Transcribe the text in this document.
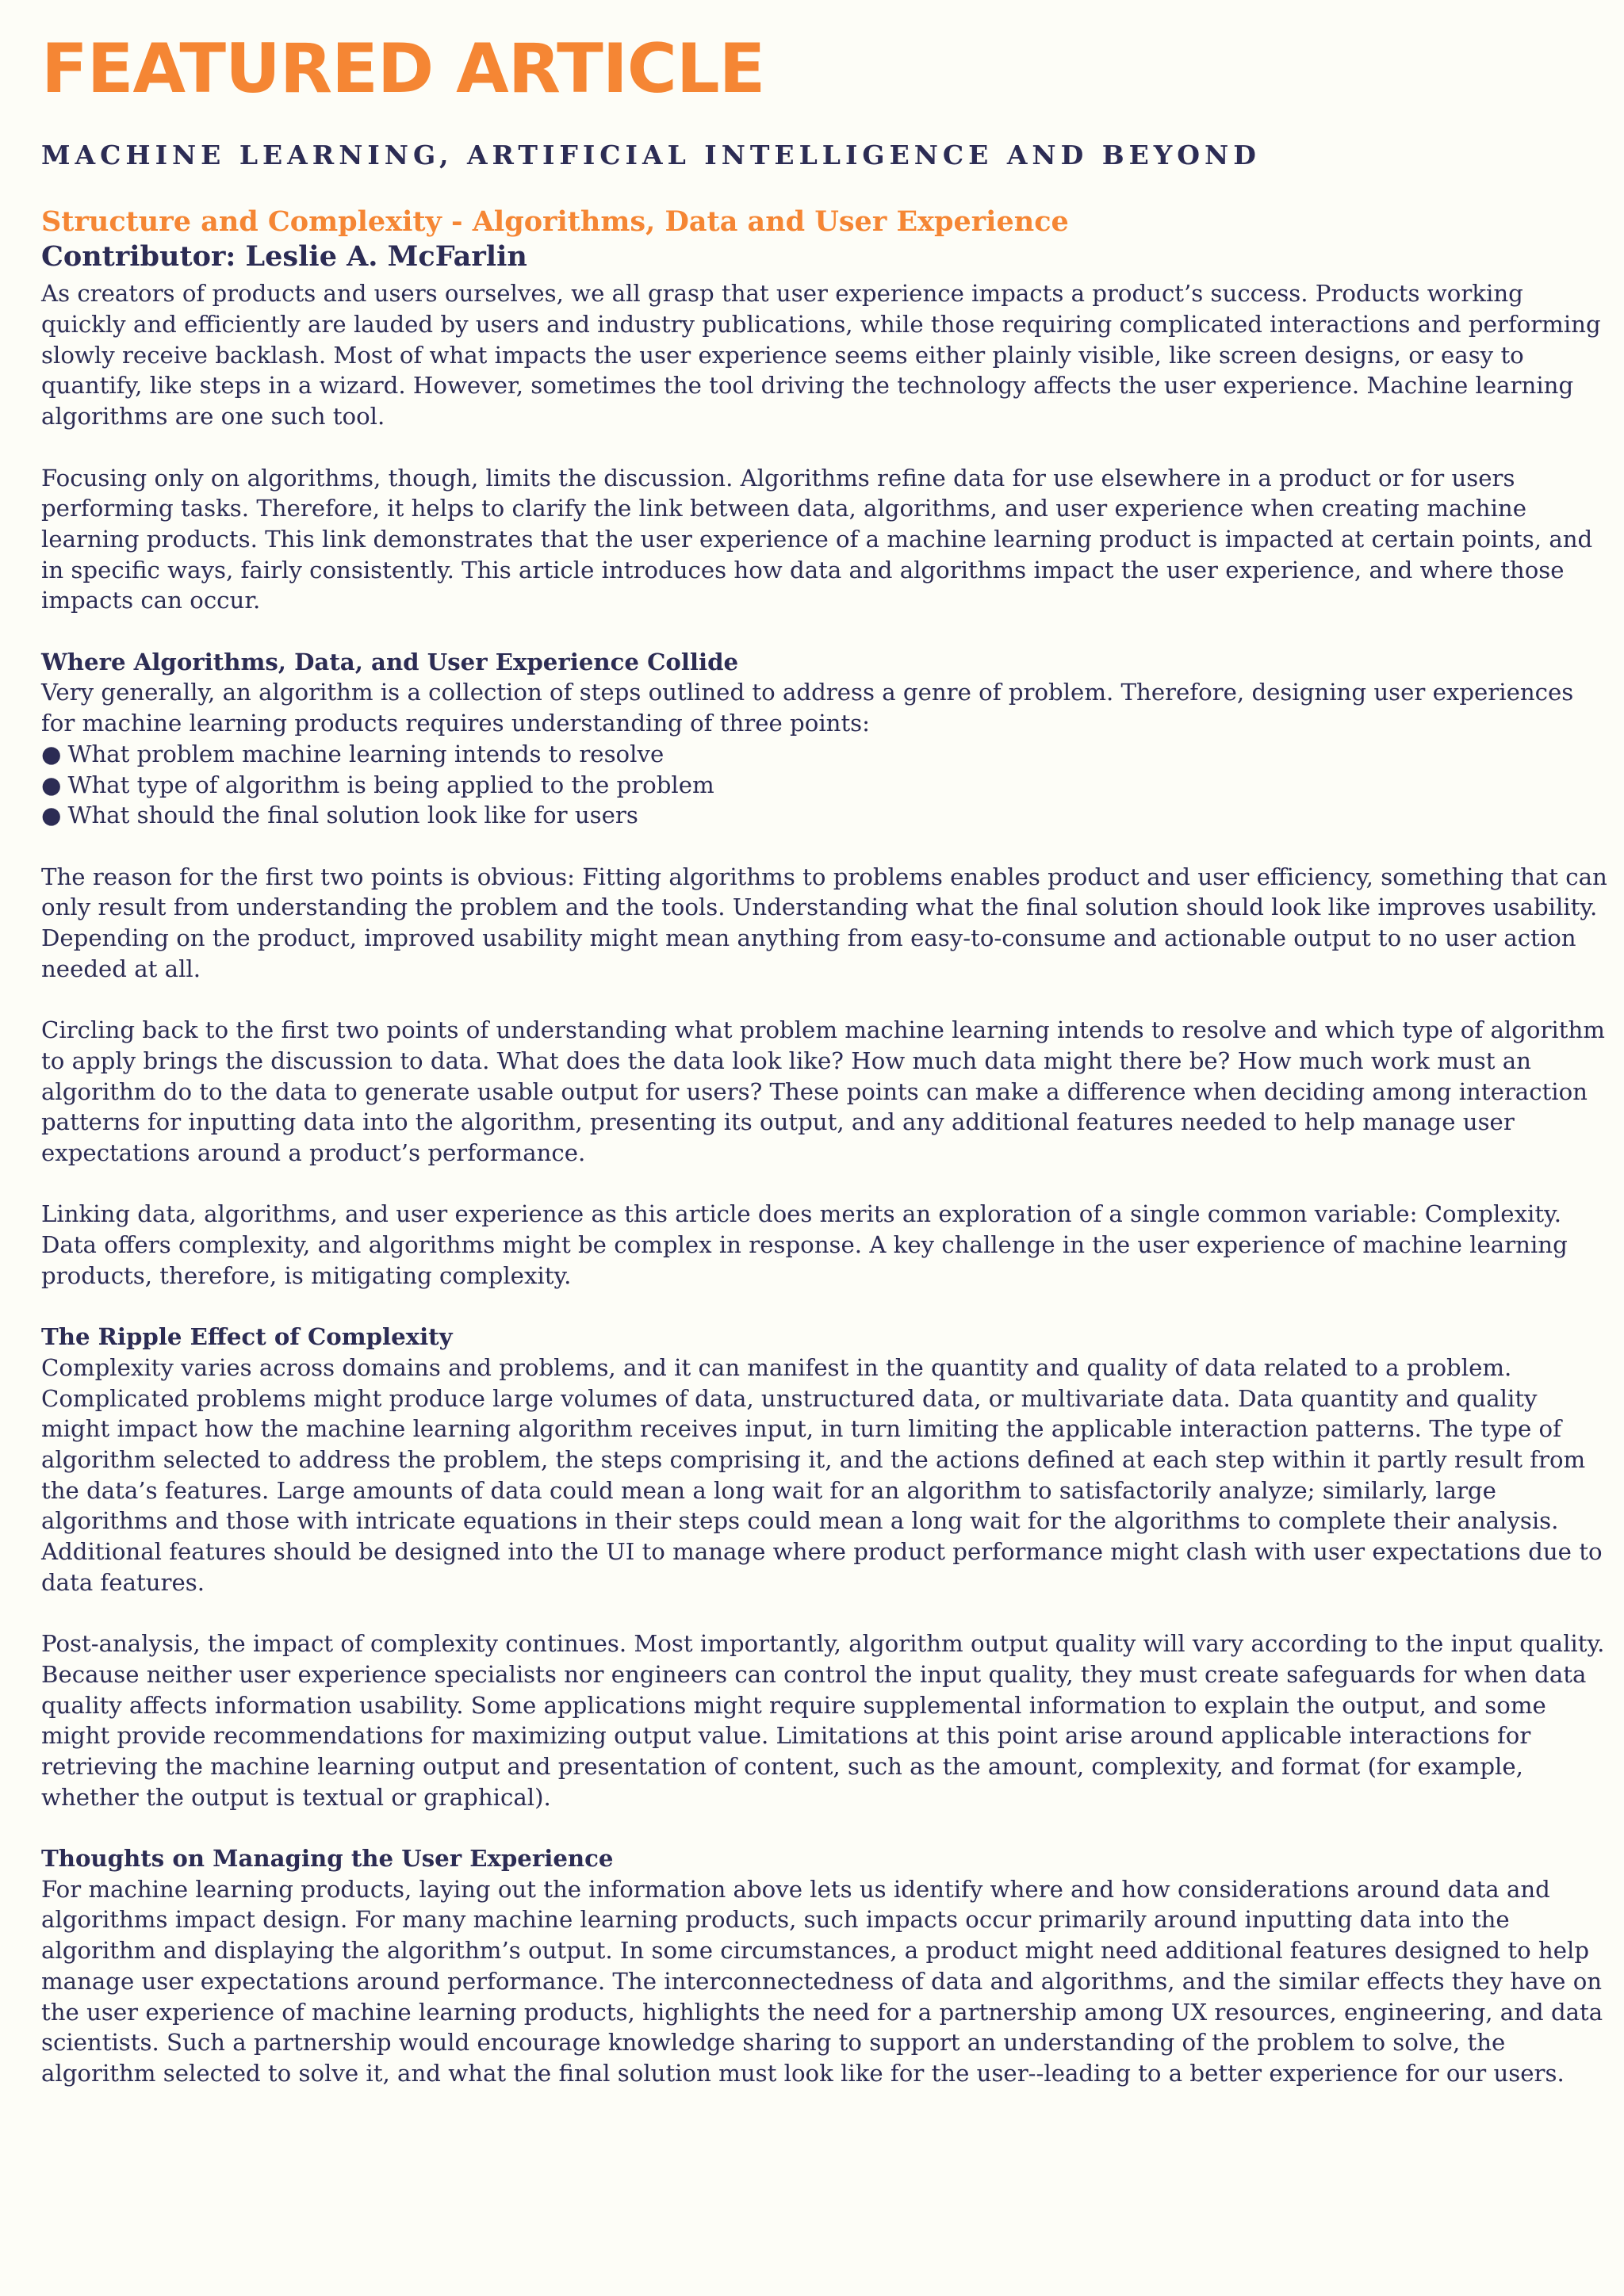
FEATURED ARTICLE
MACHINE LEARNING, ARTIFICIAL INTELLIGENCE AND BEYOND
Structure and Complexity - Algorithms, Data and User Experience
Contributor: Leslie A. McFarlin

As creators of products and users ourselves, we all grasp that user experience impacts a product’s success. Products working quickly and efficiently are lauded by users and industry publications, while those requiring complicated interactions and performing slowly receive backlash. Most of what impacts the user experience seems either plainly visible, like screen designs, or easy to quantify, like steps in a wizard. However, sometimes the tool driving the technology affects the user experience. Machine learning algorithms are one such tool.

Focusing only on algorithms, though, limits the discussion. Algorithms refine data for use elsewhere in a product or for users performing tasks. Therefore, it helps to clarify the link between data, algorithms, and user experience when creating machine learning products. This link demonstrates that the user experience of a machine learning product is impacted at certain points, and in specific ways, fairly consistently. This article introduces how data and algorithms impact the user experience, and where those impacts can occur.

Where Algorithms, Data, and User Experience Collide
Very generally, an algorithm is a collection of steps outlined to address a genre of problem. Therefore, designing user experiences for machine learning products requires understanding of three points:
● What problem machine learning intends to resolve
● What type of algorithm is being applied to the problem
● What should the final solution look like for users

The reason for the first two points is obvious: Fitting algorithms to problems enables product and user efficiency, something that can only result from understanding the problem and the tools. Understanding what the final solution should look like improves usability. Depending on the product, improved usability might mean anything from easy-to-consume and actionable output to no user action needed at all.

Circling back to the first two points of understanding what problem machine learning intends to resolve and which type of algorithm to apply brings the discussion to data. What does the data look like? How much data might there be? How much work must an algorithm do to the data to generate usable output for users? These points can make a difference when deciding among interaction patterns for inputting data into the algorithm, presenting its output, and any additional features needed to help manage user expectations around a product’s performance.

Linking data, algorithms, and user experience as this article does merits an exploration of a single common variable: Complexity. Data offers complexity, and algorithms might be complex in response. A key challenge in the user experience of machine learning products, therefore, is mitigating complexity.

The Ripple Effect of Complexity

Complexity varies across domains and problems, and it can manifest in the quantity and quality of data related to a problem. Complicated problems might produce large volumes of data, unstructured data, or multivariate data. Data quantity and quality might impact how the machine learning algorithm receives input, in turn limiting the applicable interaction patterns. The type of algorithm selected to address the problem, the steps comprising it, and the actions defined at each step within it partly result from the data’s features. Large amounts of data could mean a long wait for an algorithm to satisfactorily analyze; similarly, large algorithms and those with intricate equations in their steps could mean a long wait for the algorithms to complete their analysis. Additional features should be designed into the UI to manage where product performance might clash with user expectations due to data features.

Post-analysis, the impact of complexity continues. Most importantly, algorithm output quality will vary according to the input quality. Because neither user experience specialists nor engineers can control the input quality, they must create safeguards for when data quality affects information usability. Some applications might require supplemental information to explain the output, and some might provide recommendations for maximizing output value. Limitations at this point arise around applicable interactions for retrieving the machine learning output and presentation of content, such as the amount, complexity, and format (for example, whether the output is textual or graphical).

Thoughts on Managing the User Experience

For machine learning products, laying out the information above lets us identify where and how considerations around data and algorithms impact design. For many machine learning products, such impacts occur primarily around inputting data into the algorithm and displaying the algorithm’s output. In some circumstances, a product might need additional features designed to help manage user expectations around performance. The interconnectedness of data and algorithms, and the similar effects they have on the user experience of machine learning products, highlights the need for a partnership among UX resources, engineering, and data scientists. Such a partnership would encourage knowledge sharing to support an understanding of the problem to solve, the algorithm selected to solve it, and what the final solution must look like for the user--leading to a better experience for our users.
